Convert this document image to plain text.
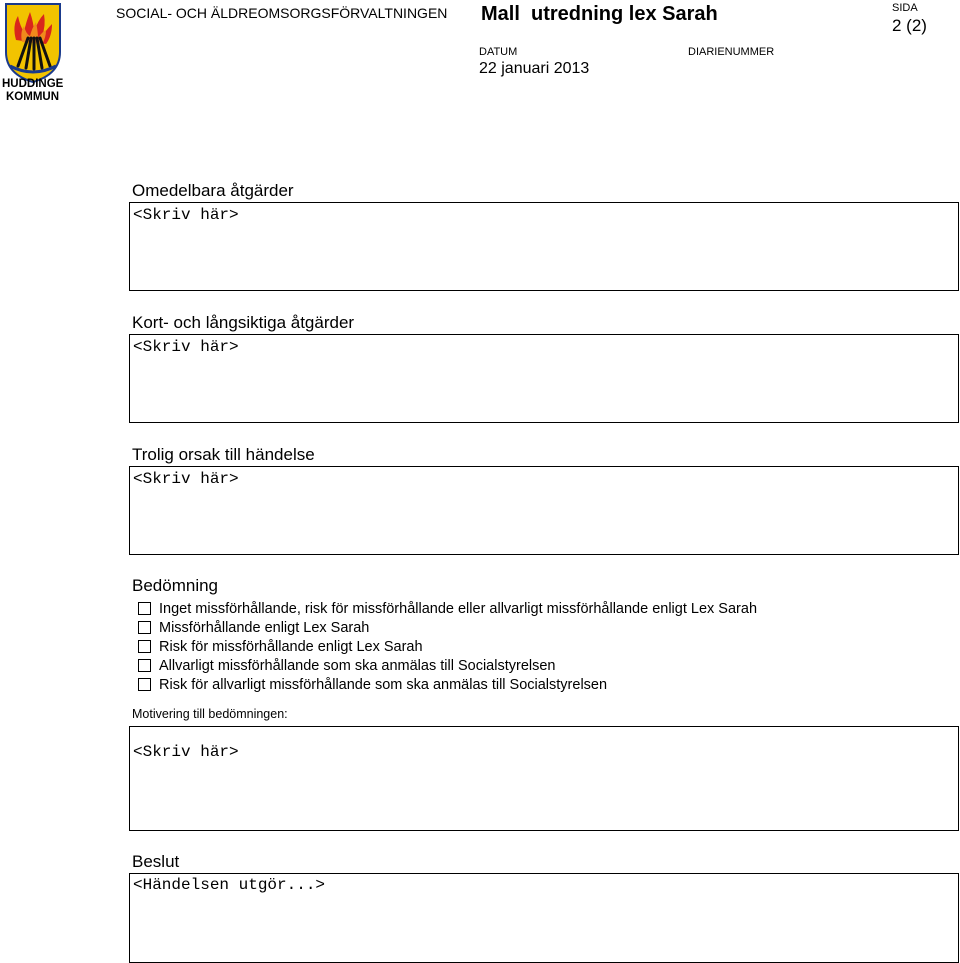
HUDDINGE
KOMMUN
SOCIAL- OCH ÄLDREOMSORGSFÖRVALTNINGEN Mall  utredning lex Sarah	SIDA
2 (2)
DATUM
22 januari 2013
DIARIENUMMER
Omedelbara åtgärder
<Skriv här>
Kort- och långsiktiga åtgärder
<Skriv här>
Trolig orsak till händelse
<Skriv här>
Bedömning
Inget missförhållande, risk för missförhållande eller allvarligt missförhållande enligt Lex Sarah
Missförhållande enligt Lex Sarah
Risk för missförhållande enligt Lex Sarah
Allvarligt missförhållande som ska anmälas till Socialstyrelsen
Risk för allvarligt missförhållande som ska anmälas till Socialstyrelsen
Motivering till bedömningen:
<Skriv här>
Beslut
<Händelsen utgör...>
